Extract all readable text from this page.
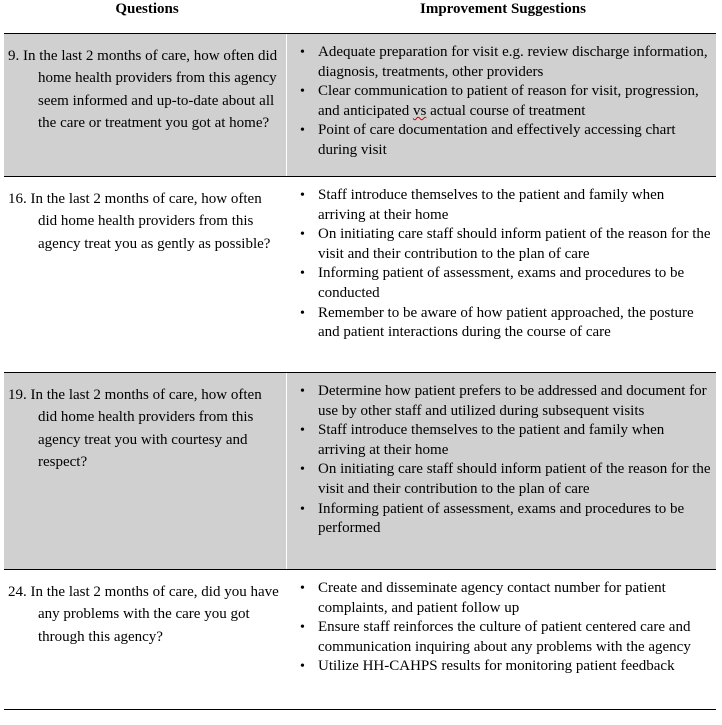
Questions	Improvement Suggestions
9. In the last 2 months of care, how often did home health providers from this agency seem informed and up-to-date about all the care or treatment you got at home?
• Adequate preparation for visit e.g. review discharge information, diagnosis, treatments, other providers
• Clear communication to patient of reason for visit, progression, and anticipated vs actual course of treatment
• Point of care documentation and effectively accessing chart during visit
16. In the last 2 months of care, how often did home health providers from this agency treat you as gently as possible?
• Staff introduce themselves to the patient and family when arriving at their home
• On initiating care staff should inform patient of the reason for the visit and their contribution to the plan of care
• Informing patient of assessment, exams and procedures to be conducted
• Remember to be aware of how patient approached, the posture and patient interactions during the course of care
19. In the last 2 months of care, how often did home health providers from this agency treat you with courtesy and respect?
• Determine how patient prefers to be addressed and document for use by other staff and utilized during subsequent visits
• Staff introduce themselves to the patient and family when arriving at their home
• On initiating care staff should inform patient of the reason for the visit and their contribution to the plan of care
• Informing patient of assessment, exams and procedures to be performed
24. In the last 2 months of care, did you have any problems with the care you got through this agency?
• Create and disseminate agency contact number for patient complaints, and patient follow up
• Ensure staff reinforces the culture of patient centered care and communication inquiring about any problems with the agency
• Utilize HH-CAHPS results for monitoring patient feedback
